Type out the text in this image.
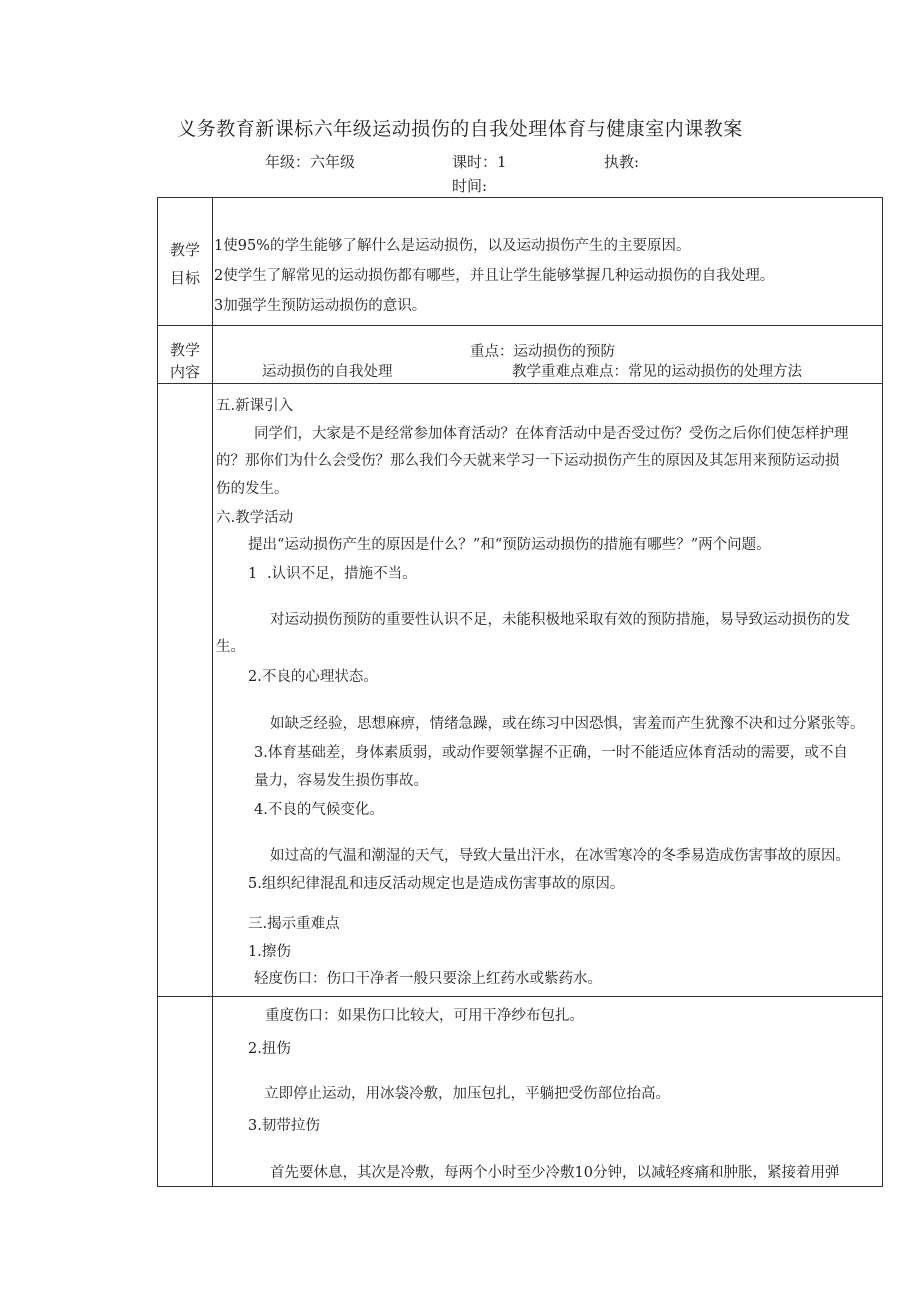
义务教育新课标六年级运动损伤的自我处理体育与健康室内课教案
年级：六年级	课时：1	执教:
时间:
教学
目标
1使95%的学生能够了解什么是运动损伤，以及运动损伤产生的主要原因。
2使学生了解常见的运动损伤都有哪些，并且让学生能够掌握几种运动损伤的自我处理。
3加强学生预防运动损伤的意识。
教学
内容
重点：运动损伤的预防
运动损伤的自我处理	教学重难点难点：常见的运动损伤的处理方法
五.新课引入
同学们，大家是不是经常参加体育活动？在体育活动中是否受过伤？受伤之后你们使怎样护理
的？那你们为什么会受伤？那么我们今天就来学习一下运动损伤产生的原因及其怎用来预防运动损
伤的发生。
六.教学活动
提出“运动损伤产生的原因是什么？”和“预防运动损伤的措施有哪些？”两个问题。
1 .认识不足，措施不当。
对运动损伤预防的重要性认识不足，未能积极地采取有效的预防措施，易导致运动损伤的发
生。
2.不良的心理状态。
如缺乏经验，思想麻痹，情绪急躁，或在练习中因恐惧，害羞而产生犹豫不决和过分紧张等。
3.体育基础差，身体素质弱，或动作要领掌握不正确，一时不能适应体育活动的需要，或不自
量力，容易发生损伤事故。
4.不良的气候变化。
如过高的气温和潮湿的天气，导致大量出汗水，在冰雪寒冷的冬季易造成伤害事故的原因。
5.组织纪律混乱和违反活动规定也是造成伤害事故的原因。
三.揭示重难点
1.擦伤
轻度伤口：伤口干净者一般只要涂上红药水或紫药水。
重度伤口：如果伤口比较大，可用干净纱布包扎。
2.扭伤
立即停止运动，用冰袋冷敷，加压包扎，平躺把受伤部位抬高。
3.韧带拉伤
首先要休息，其次是冷敷，每两个小时至少冷敷10分钟，以减轻疼痛和肿胀，紧接着用弹
